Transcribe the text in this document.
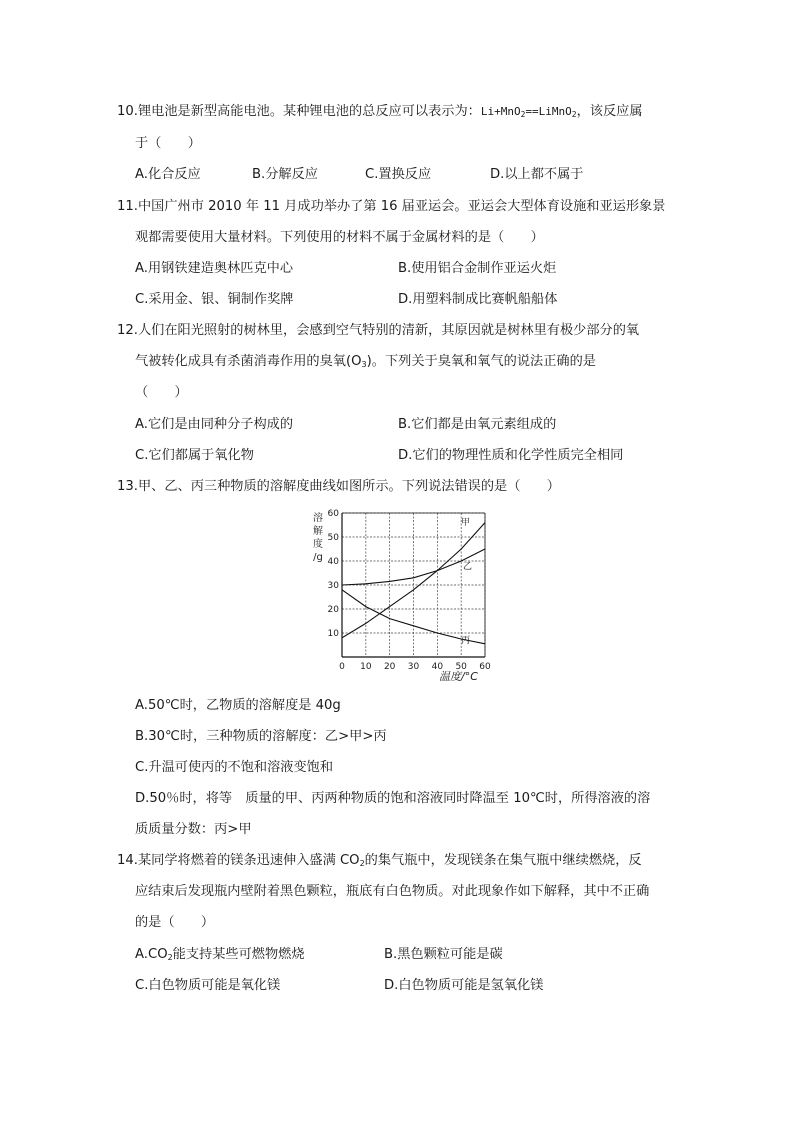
10.锂电池是新型高能电池。某种锂电池的总反应可以表示为：Li+MnO$_2$==LiMnO$_2$，该反应属
于（　　）
A.化合反应	B.分解反应	C.置换反应	D.以上都不属于
11.中国广州市 2010 年 11 月成功举办了第 16 届亚运会。亚运会大型体育设施和亚运形象景
观都需要使用大量材料。下列使用的材料不属于金属材料的是（　　）
A.用钢铁建造奥林匹克中心	B.使用铝合金制作亚运火炬
C.采用金、银、铜制作奖牌	D.用塑料制成比赛帆船船体
12.人们在阳光照射的树林里，会感到空气特别的清新，其原因就是树林里有极少部分的氧
气被转化成具有杀菌消毒作用的臭氧$(O_3)$。下列关于臭氧和氧气的说法正确的是
（　　）
A.它们是由同种分子构成的	B.它们都是由氧元素组成的
C.它们都属于氧化物	D.它们的物理性质和化学性质完全相同
13.甲、乙、丙三种物质的溶解度曲线如图所示。下列说法错误的是（　　）
溶
解
度
/g
0 10 20 30 40 50 60
10
20
30
40
50
60
甲
乙
丙
温度/°C
A.50℃时，乙物质的溶解度是 40g
B.30℃时，三种物质的溶解度：乙>甲>丙
C.升温可使丙的不饱和溶液变饱和
D.50％时，将等　质量的甲、丙两种物质的饱和溶液同时降温至 10℃时，所得溶液的溶
质质量分数：丙>甲
14.某同学将燃着的镁条迅速伸入盛满 $CO_2$的集气瓶中，发现镁条在集气瓶中继续燃烧，反
应结束后发现瓶内壁附着黑色颗粒，瓶底有白色物质。对此现象作如下解释，其中不正确
的是（　　）
$A.CO_2$能支持某些可燃物燃烧	B.黑色颗粒可能是碳
C.白色物质可能是氧化镁	D.白色物质可能是氢氧化镁
